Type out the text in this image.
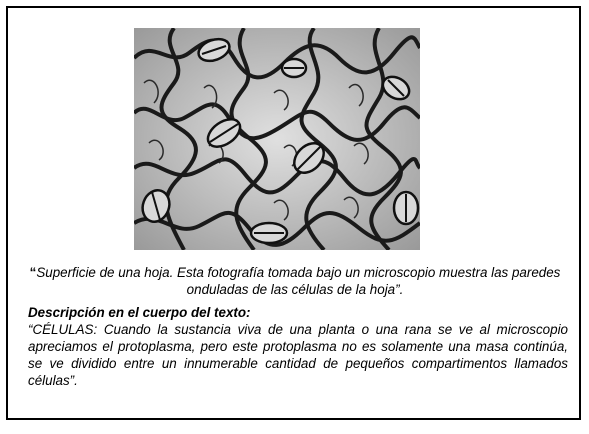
“Superficie de una hoja. Esta fotografía tomada bajo un microscopio muestra las paredes onduladas de las células de la hoja”.
Descripción en el cuerpo del texto:
“CÉLULAS: Cuando la sustancia viva de una planta o una rana se ve al microscopio apreciamos el protoplasma, pero este protoplasma no es solamente una masa continúa, se ve dividido entre un innumerable cantidad de pequeños compartimentos llamados células”.
